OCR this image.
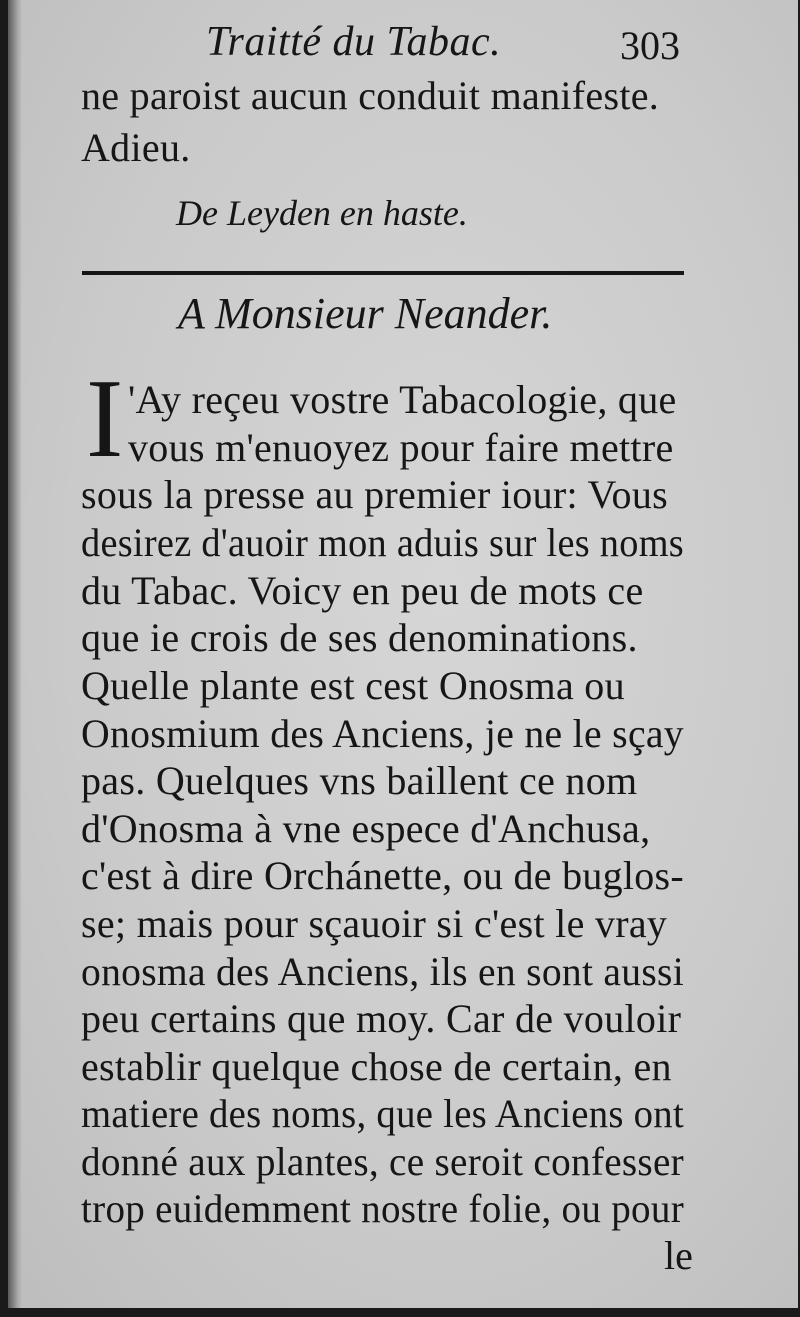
Traitté du Tabac.	303
ne paroist aucun conduit manifeste.
Adieu.
De Leyden en haste.
A Monsieur Neander.
I 'Ay reçeu vostre Tabacologie, que
vous m'enuoyez pour faire mettre
sous la presse au premier iour: Vous
desirez d'auoir mon aduis sur les noms
du Tabac. Voicy en peu de mots ce
que ie crois de ses denominations.
Quelle plante est cest Onosma ou
Onosmium des Anciens, je ne le sçay
pas. Quelques vns baillent ce nom
d'Onosma à vne espece d'Anchusa,
c'est à dire Orchánette, ou de buglos-
se; mais pour sçauoir si c'est le vray
onosma des Anciens, ils en sont aussi
peu certains que moy. Car de vouloir
establir quelque chose de certain, en
matiere des noms, que les Anciens ont
donné aux plantes, ce seroit confesser
trop euidemment nostre folie, ou pour
le
